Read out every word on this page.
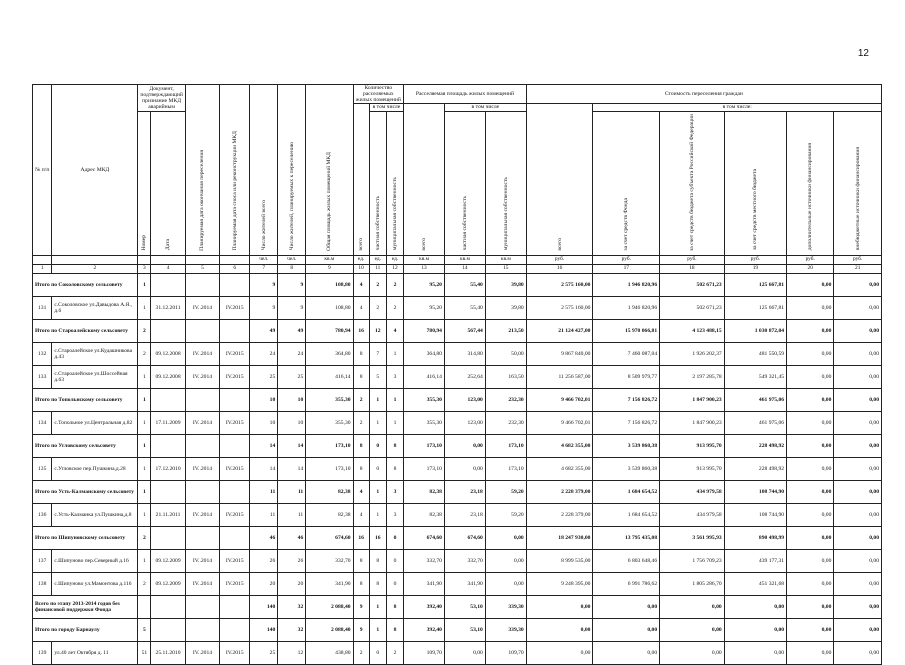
12
№ п/п	Адрес МКД	Документ, подтверждающий признание МКД аварийным		Планируемая дата окончания переселения	Планируемая дата сноса или реконструкции МКД	Число жителей всего	Число жителей, планируемых к переселению	Общая площадь жилых помещений МКД	Количество расселяемых жилых помещений			Расселяемая площадь жилых помещений			Стоимость переселения граждан					
									всего	в том числе		всего	в том числе		всего	в том числе:				
		Номер	Дата							частная собственность	муниципальная собственность		частная собственность	муниципальная собственность		за счет средств Фонда	за счет средств бюджета субъекта Российской Федерации	за счет средств местного бюджета	дополнительные источники финансирования	внебюджетные источники финансирования
						чел.	чел.	кв.м	ед.	ед.	ед.	кв.м	кв.м	кв.м	руб.	руб.	руб.	руб.	руб.	руб.
1	2	3	4	5	6	7	8	9	10	11	12	13	14	15	16	17	18	19	20	21
Итого по Соколовскому сельсовету		1				9	9	108,80	4	2	2	95,20	55,40	39,80	2 575 160,00	1 946 820,96	502 671,23	125 667,81	0,00	0,00
131	с.Соколовское ул.Давыдова А.Я., д.6	1	31.12.2011	IV..2014	IV.2015	9	9	108,80	4	2	2	95,20	55,40	39,80	2 575 160,00	1 946 820,96	502 671,23	125 667,81	0,00	0,00
Итого по Староалейскому сельсовету		2				49	49	780,94	16	12	4	780,94	567,44	213,50	21 124 427,00	15 970 066,81	4 123 488,15	1 030 872,04	0,00	0,00
132	с.Староалейское ул.Кудашникова д.43	2	09.12.2008	IV..2014	IV.2015	24	24	364,80	8	7	1	364,80	314,80	50,00	9 867 840,00	7 460 087,04	1 926 202,37	481 550,59	0,00	0,00
133	с.Староалейское ул.Шоссейная д.63	1	09.12.2008	IV..2014	IV.2015	25	25	416,14	8	5	3	416,14	252,64	163,50	11 256 587,00	8 509 979,77	2 197 285,78	549 321,45	0,00	0,00
Итого по Топольнскому сельсовету		1				10	10	355,30	2	1	1	355,30	123,00	232,30	9 466 702,01	7 156 826,72	1 847 900,23	461 975,06	0,00	0,00
134	с.Топольное ул.Центральная д.82	1	17.11.2009	IV..2014	IV.2015	10	10	355,30	2	1	1	355,30	123,00	232,30	9 466 702,01	7 156 826,72	1 847 900,23	461 975,06	0,00	0,00
Итого по Угловскому сельсовету		1				14	14	173,10	8	0	8	173,10	0,00	173,10	4 682 355,00	3 539 860,38	913 995,70	228 498,92	0,00	0,00
135	с.Угловское пер.Пушкина,д.28	1	17.12.2010	IV..2014	IV.2015	14	14	173,10	8	0	8	173,10	0,00	173,10	4 682 355,00	3 539 860,38	913 995,70	228 498,92	0,00	0,00
Итого по Усть-Калманскому сельсовету		1				11	11	82,38	4	1	3	82,38	23,18	59,20	2 228 379,00	1 684 654,52	434 979,58	108 744,90	0,00	0,00
136	с.Усть-Калманка ул.Пушкина,д.8	1	21.11.2011	IV..2014	IV.2015	11	11	82,38	4	1	3	82,38	23,18	59,20	2 228 379,00	1 684 654,52	434 979,58	108 744,90	0,00	0,00
Итого по Шипуновскому сельсовету		2				46	46	674,60	16	16	0	674,60	674,60	0,00	18 247 930,00	13 795 435,08	3 561 995,93	890 498,99	0,00	0,00
137	с.Шипуново пер.Северный д.16	1	09.12.2009	IV..2014	IV.2015	26	26	332,70	8	8	0	332,70	332,70	0,00	8 999 535,00	6 803 648,46	1 756 709,23	439 177,31	0,00	0,00
138	с.Шипуново ул.Мамонтова д.116	2	09.12.2009	IV..2014	IV.2015	20	20	341,90	8	8	0	341,90	341,90	0,00	9 248 395,00	6 991 786,62	1 805 286,70	451 321,68	0,00	0,00
Всего по этапу 2013-2014 годов без финансовой поддержки Фонда						140	32	2 088,40	9	1	8	392,40	53,10	339,30	0,00	0,00	0,00	0,00	0,00	0,00
Итого по городу Барнаулу		5				140	32	2 088,40	9	1	8	392,40	53,10	339,30	0,00	0,00	0,00	0,00	0,00	0,00
139	ул.40 лет Октября д. 11	51	25.11.2010	IV..2014	IV.2015	25	12	438,80	2	0	2	109,70	0,00	109,70	0,00	0,00	0,00	0,00	0,00	0,00
